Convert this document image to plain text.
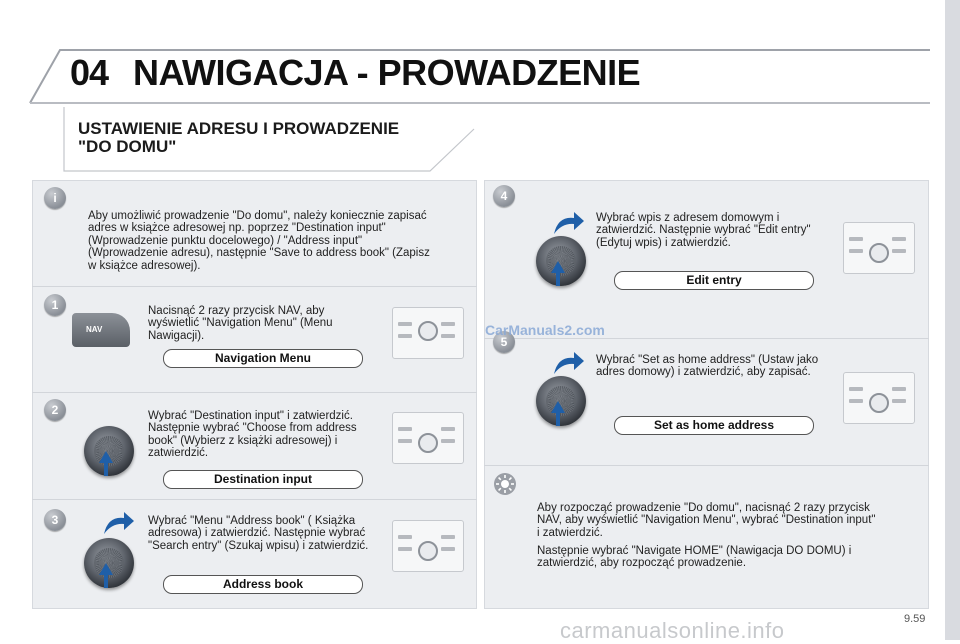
04 NAWIGACJA - PROWADZENIE
USTAWIENIE ADRESU I PROWADZENIE "DO DOMU"
i
Aby umożliwić prowadzenie "Do domu", należy koniecznie zapisać adres w książce adresowej np. poprzez "Destination input" (Wprowadzenie punktu docelowego) / "Address input" (Wprowadzenie adresu), następnie "Save to address book" (Zapisz w książce adresowej).
1
NAV
Nacisnąć 2 razy przycisk NAV, aby wyświetlić "Navigation Menu" (Menu Nawigacji).
Navigation Menu
2	Wybrać "Destination input" i zatwierdzić. Następnie wybrać "Choose from address book" (Wybierz z książki adresowej) i zatwierdzić.
Destination input
3	Wybrać "Menu "Address book" ( Książka adresowa) i zatwierdzić. Następnie wybrać "Search entry" (Szukaj wpisu) i zatwierdzić.
Address book
4
Wybrać wpis z adresem domowym i zatwierdzić. Następnie wybrać "Edit entry"(Edytuj wpis) i zatwierdzić.
Edit entry
5
CarManuals2.com
Wybrać "Set as home address" (Ustaw jako adres domowy) i zatwierdzić, aby zapisać.
Set as home address
Aby rozpocząć prowadzenie "Do domu", nacisnąć 2 razy przycisk NAV, aby wyświetlić "Navigation Menu", wybrać "Destination input" i zatwierdzić.
Następnie wybrać "Navigate HOME" (Nawigacja DO DOMU) i zatwierdzić, aby rozpocząć prowadzenie.
9.59
carmanualsonline.info
